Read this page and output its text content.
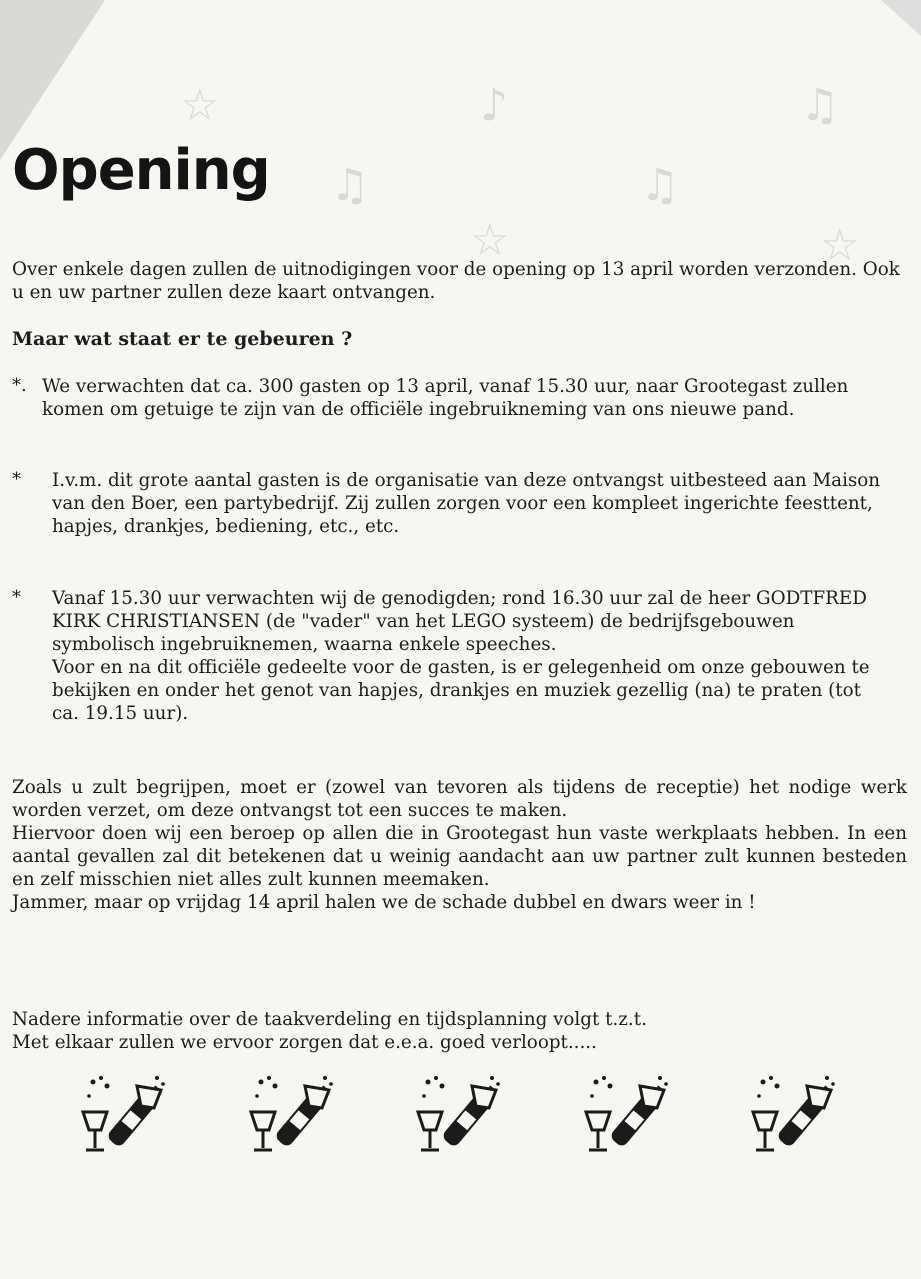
☆
♫
♪
♫
♫
☆	☆
Opening

Over enkele dagen zullen de uitnodigingen voor de opening op 13 april worden verzonden. Ook u en uw partner zullen deze kaart ontvangen.

Maar wat staat er te gebeuren ?
*. We verwachten dat ca. 300 gasten op 13 april, vanaf 15.30 uur, naar Grootegast zullen komen om getuige te zijn van de officiële ingebruikneming van ons nieuwe pand.

* I.v.m. dit grote aantal gasten is de organisatie van deze ontvangst uitbesteed aan Maison van den Boer, een partybedrijf. Zij zullen zorgen voor een kompleet ingerichte feesttent, hapjes, drankjes, bediening, etc., etc.

* Vanaf 15.30 uur verwachten wij de genodigden; rond 16.30 uur zal de heer GODTFRED KIRK CHRISTIANSEN (de "vader" van het LEGO systeem) de bedrijfsgebouwen symbolisch ingebruiknemen, waarna enkele speeches.

Voor en na dit officiële gedeelte voor de gasten, is er gelegenheid om onze gebouwen te bekijken en onder het genot van hapjes, drankjes en muziek gezellig (na) te praten (tot ca. 19.15 uur).

Zoals u zult begrijpen, moet er (zowel van tevoren als tijdens de receptie) het nodige werk worden verzet, om deze ontvangst tot een succes te maken.

Hiervoor doen wij een beroep op allen die in Grootegast hun vaste werkplaats hebben. In een aantal gevallen zal dit betekenen dat u weinig aandacht aan uw partner zult kunnen besteden en zelf misschien niet alles zult kunnen meemaken.

Jammer, maar op vrijdag 14 april halen we de schade dubbel en dwars weer in !

Nadere informatie over de taakverdeling en tijdsplanning volgt t.z.t.

Met elkaar zullen we ervoor zorgen dat e.e.a. goed verloopt.....
